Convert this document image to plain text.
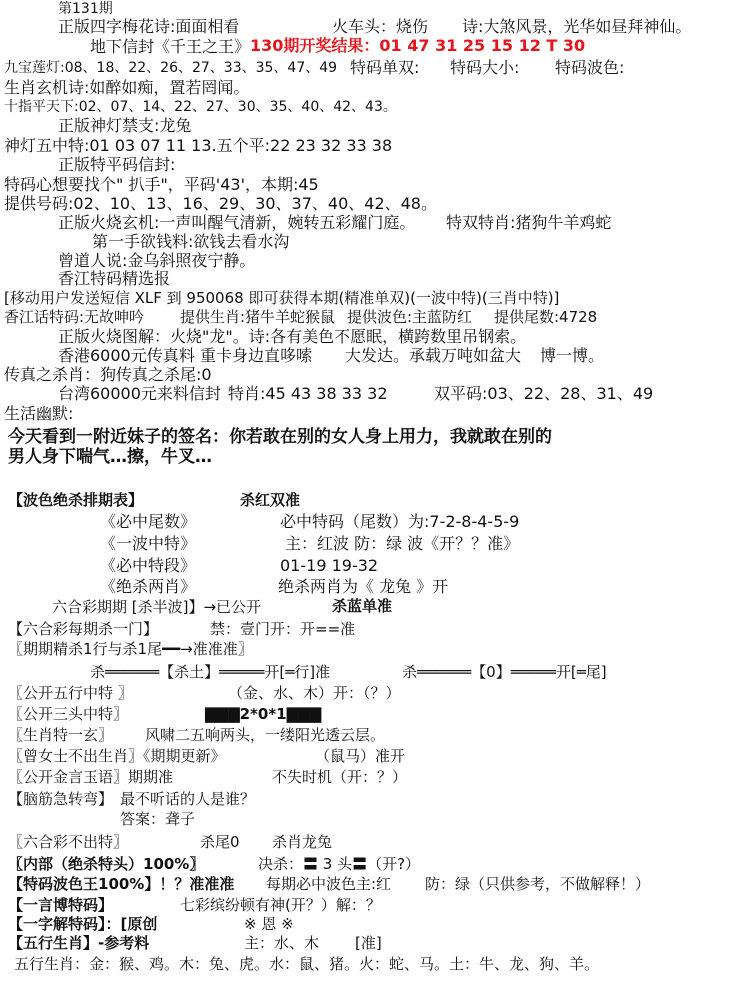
第131期
正版四字梅花诗:面面相看	火车头：烧伤 诗:大煞风景，光华如昼拜神仙。
地下信封《千王之王》 130期开奖结果：01 47 31 25 15 12 T 30
九宝莲灯:08、18、22、26、27、33、35、47、49 特码单双: 特码大小: 特码波色:
生肖玄机诗:如醉如痴，置若罔闻。
十指平天下:02、07、14、22、27、30、35、40、42、43。
正版神灯禁支:龙兔
神灯五中特:01 03 07 11 13.五个平:22 23 32 33 38
正版特平码信封:
特码心想要找个" 扒手"，平码'43'，本期:45
提供号码:02、10、13、16、29、30、37、40、42、48。
正版火烧玄机:一声叫醒气清新，婉转五彩耀门庭。 特双特肖:猪狗牛羊鸡蛇
第一手欲钱料:欲钱去看水沟
曾道人说:金乌斜照夜宁静。
香江特码精选报
[移动用户发送短信 XLF 到 950068 即可获得本期(精准单双)(一波中特)(三肖中特)]
香江话特码:无故呻吟 提供生肖:猪牛羊蛇猴鼠 提供波色:主蓝防红 提供尾数:4728
正版火烧图解：火烧"龙"。诗:各有美色不愿眠，横跨数里吊钢索。
香港6000元传真料 重卡身边直哆嗦 大发达。承载万吨如盆大 博一博。
传真之杀肖：狗传真之杀尾:0
台湾60000元来料信封 特肖:45 43 38 33 32	双平码:03、22、28、31、49
生活幽默:
今天看到一附近妹子的签名：你若敢在别的女人身上用力，我就敢在别的
男人身下喘气…擦，牛叉…
【波色绝杀排期表】	杀红双准
《必中尾数》	必中特码（尾数）为:7-2-8-4-5-9
《一波中特》	主：红波 防：绿 波《开？？准》
《必中特段》	01-19 19-32
《绝杀两肖》	绝杀两肖为《 龙兔 》开
六合彩期期 [杀半波]】→已公开	杀蓝单准
【六合彩每期杀一门】	禁：壹门开：开==准
〖期期精杀1行与杀1尾━━→准准准〗
杀══════【杀土】═════开[═行]准	杀══════【0】═════开[═尾]
〖公开五行中特 〗	（金、水、木）开：（？）
〖公开三头中特〗	▇▇▇2*0*1▇▇▇
〖生肖特一玄〗 风啸二五响两头，一缕阳光透云层。
〖曾女士不出生肖〗《期期更新》	（鼠马）准开
〖公开金言玉语〗期期准	不失时机（开：？）
【脑筋急转弯】 最不听话的人是谁？
答案：聋子
〖六合彩不出特〗	杀尾0 杀肖龙兔
〖内部（绝杀特头）100%〗	决杀：〓 3 头〓（开?）
【特码波色王100%】！？准准准 每期必中波色主:红 防：绿（只供参考，不做解释！）
【一言博特码】	七彩缤纷顿有神(开？）解：？
【一字解特码】：[原创	※ 恩 ※
【五行生肖】-参考料	主：水、木 [准]
五行生肖：金：猴、鸡。木：兔、虎。水：鼠、猪。火：蛇、马。土：牛、龙、狗、羊。
